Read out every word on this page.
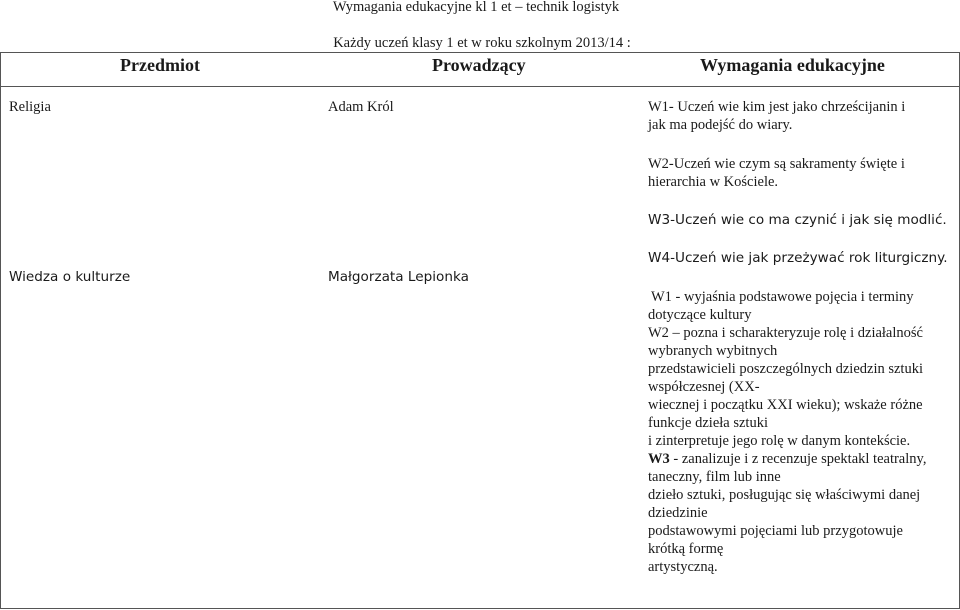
Wymagania edukacyjne kl 1 et – technik logistyk
Każdy uczeń klasy 1 et w roku szkolnym 2013/14 :
Przedmiot	Prowadzący	Wymagania edukacyjne
Religia	Adam Król	W1- Uczeń wie kim jest jako chrześcijanin i
jak ma podejść do wiary.
W2-Uczeń wie czym są sakramenty święte i
hierarchia w Kościele.
W3-Uczeń wie co ma czynić i jak się modlić.
W4-Uczeń wie jak przeżywać rok liturgiczny.
Wiedza o kulturze	Małgorzata Lepionka
W1 - wyjaśnia podstawowe pojęcia i terminy
dotyczące kultury
W2 – pozna i scharakteryzuje rolę i działalność
wybranych wybitnych
przedstawicieli poszczególnych dziedzin sztuki
współczesnej (XX-
wiecznej i początku XXI wieku); wskaże różne
funkcje dzieła sztuki
i zinterpretuje jego rolę w danym kontekście.
W3 - zanalizuje i z recenzuje spektakl teatralny,
taneczny, film lub inne
dzieło sztuki, posługując się właściwymi danej
dziedzinie
podstawowymi pojęciami lub przygotowuje
krótką formę
artystyczną.
